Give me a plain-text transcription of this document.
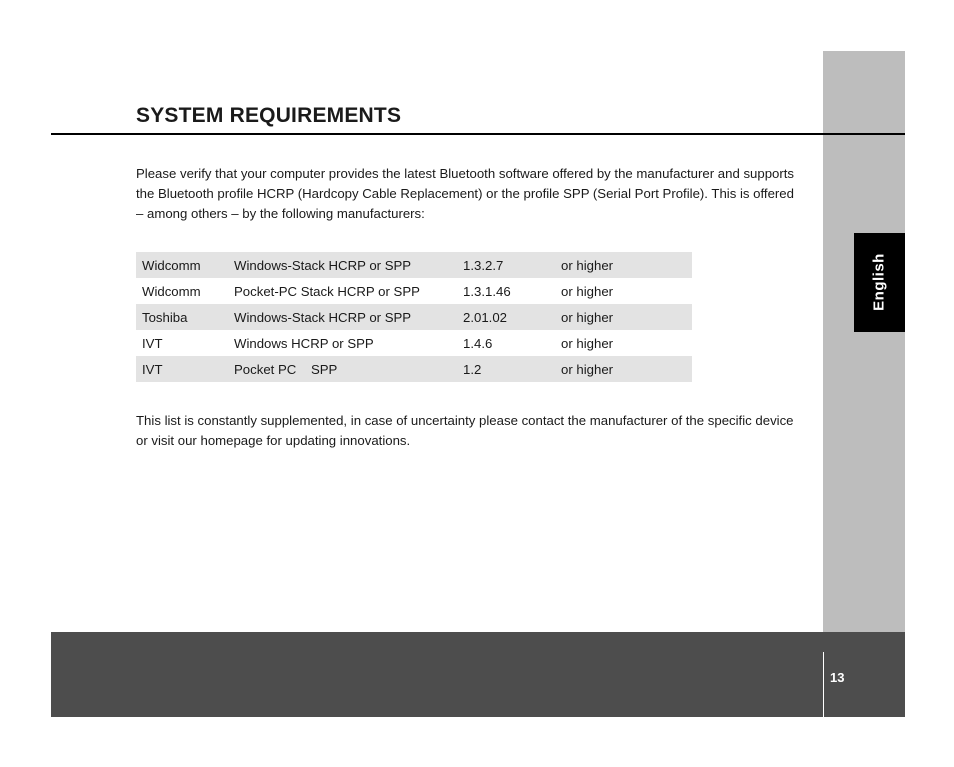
English
SYSTEM REQUIREMENTS

Please verify that your computer provides the latest Bluetooth software offered by the manufacturer and supports the Bluetooth profile HCRP (Hardcopy Cable Replacement) or the profile SPP (Serial Port Profile). This is offered – among others – by the following manufacturers:

Widcomm	Windows-Stack HCRP or SPP	1.3.2.7	or higher
Widcomm	Pocket-PC Stack HCRP or SPP	1.3.1.46	or higher
Toshiba	Windows-Stack HCRP or SPP	2.01.02	or higher
IVT	Windows HCRP or SPP	1.4.6	or higher
IVT	Pocket PC    SPP	1.2	or higher

This list is constantly supplemented, in case of uncertainty please contact the manufacturer of the specific device or visit our homepage for updating innovations.

13
